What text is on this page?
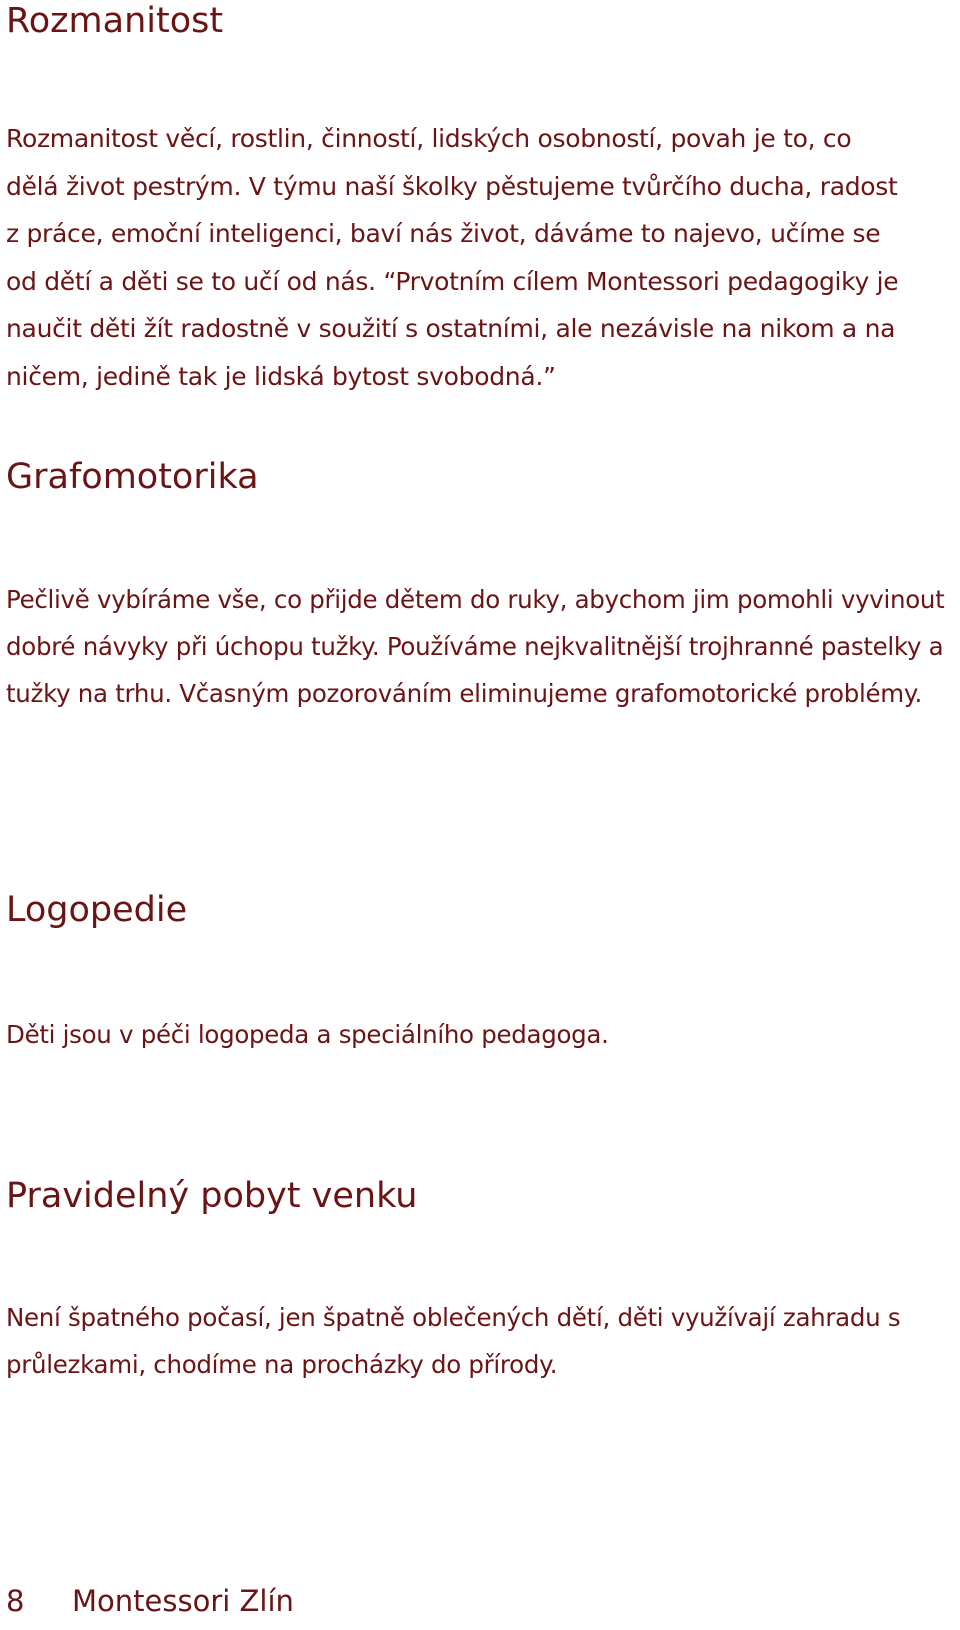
Rozmanitost

Rozmanitost věcí, rostlin, činností, lidských osobností, povah je to, co dělá život pestrým. V týmu naší školky pěstujeme tvůrčího ducha, radost z práce, emoční inteligenci, baví nás život, dáváme to najevo, učíme se od dětí a děti se to učí od nás. “Prvotním cílem Montessori pedagogiky je naučit děti žít radostně v soužití s ostatními, ale nezávisle na nikom a na ničem, jedině tak je lidská bytost svobodná.”

Grafomotorika

Pečlivě vybíráme vše, co přijde dětem do ruky, abychom jim pomohli vyvinout dobré návyky při úchopu tužky. Používáme nejkvalitnější trojhranné pastelky a tužky na trhu. Včasným pozorováním eliminujeme grafomotorické problémy.

Logopedie

Děti jsou v péči logopeda a speciálního pedagoga.

Pravidelný pobyt venku

Není špatného počasí, jen špatně oblečených dětí, děti využívají zahradu s průlezkami, chodíme na procházky do přírody.

8 Montessori Zlín
